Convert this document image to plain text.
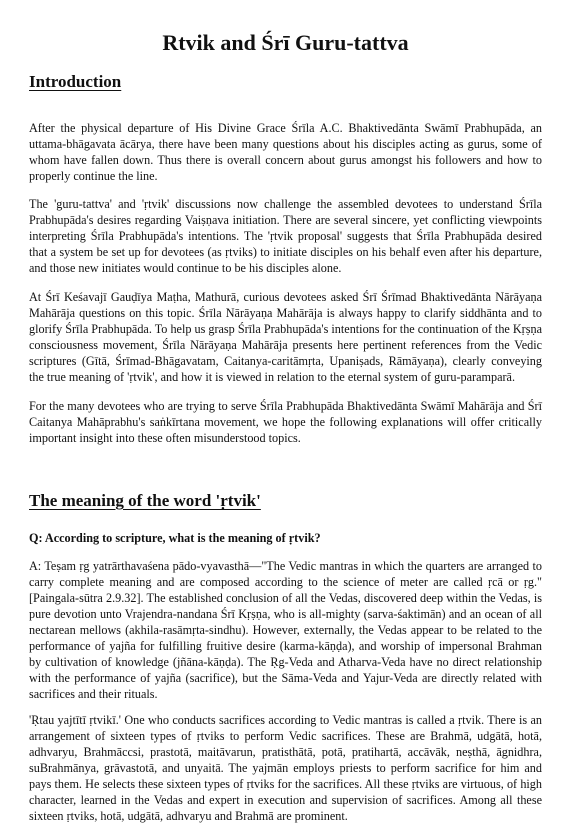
Rtvik and Śrī Guru-tattva
Introduction

After the physical departure of His Divine Grace Śrīla A.C. Bhaktivedānta Swāmī Prabhupāda, an uttama-bhāgavata ācārya, there have been many questions about his disciples acting as gurus, some of whom have fallen down. Thus there is overall concern about gurus amongst his followers and how to properly continue the line.

The 'guru-tattva' and 'ṛtvik' discussions now challenge the assembled devotees to understand Śrīla Prabhupāda's desires regarding Vaiṣṇava initiation. There are several sincere, yet conflicting viewpoints interpreting Śrīla Prabhupāda's intentions. The 'ṛtvik proposal' suggests that Śrīla Prabhupāda desired that a system be set up for devotees (as ṛtviks) to initiate disciples on his behalf even after his departure, and those new initiates would continue to be his disciples alone.

At Śrī Keśavajī Gauḍīya Maṭha, Mathurā, curious devotees asked Śrī Śrīmad Bhaktivedānta Nārāyaṇa Mahārāja questions on this topic. Śrīla Nārāyaṇa Mahārāja is always happy to clarify siddhānta and to glorify Śrīla Prabhupāda. To help us grasp Śrīla Prabhupāda's intentions for the continuation of the Kṛṣṇa consciousness movement, Śrīla Nārāyaṇa Mahārāja presents here pertinent references from the Vedic scriptures (Gītā, Śrīmad-Bhāgavatam, Caitanya-caritāmṛta, Upaniṣads, Rāmāyaṇa), clearly conveying the true meaning of 'ṛtvik', and how it is viewed in relation to the eternal system of guru-paramparā.

For the many devotees who are trying to serve Śrīla Prabhupāda Bhaktivedānta Swāmī Mahārāja and Śrī Caitanya Mahāprabhu's saṅkīrtana movement, we hope the following explanations will offer critically important insight into these often misunderstood topics.

The meaning of the word 'ṛtvik'

Q: According to scripture, what is the meaning of ṛtvik?

A: Teṣam ṛg yatrārthavaśena pādo-vyavasthā—"The Vedic mantras in which the quarters are arranged to carry complete meaning and are composed according to the science of meter are called ṛcā or ṛg." [Paingala-sūtra 2.9.32]. The established conclusion of all the Vedas, discovered deep within the Vedas, is pure devotion unto Vrajendra-nandana Śrī Kṛṣṇa, who is all-mighty (sarva-śaktimān) and an ocean of all nectarean mellows (akhila-rasāmṛta-sindhu). However, externally, the Vedas appear to be related to the performance of yajña for fulfilling fruitive desire (karma-kāṇḍa), and worship of impersonal Brahman by cultivation of knowledge (jñāna-kāṇḍa). The Ṛg-Veda and Atharva-Veda have no direct relationship with the performance of yajña (sacrifice), but the Sāma-Veda and Yajur-Veda are directly related with sacrifices and their rituals.

'Ṛtau yajtītī ṛtvikī.' One who conducts sacrifices according to Vedic mantras is called a ṛtvik. There is an arrangement of sixteen types of ṛtviks to perform Vedic sacrifices. These are Brahmā, udgātā, hotā, adhvaryu, Brahmāccsi, prastotā, maitāvarun, pratisthātā, potā, pratihartā, accāvāk, neṣthā, āgnidhra, suBrahmānya, grāvastotā, and unyaitā. The yajmān employs priests to perform sacrifice for him and pays them. He selects these sixteen types of ṛtviks for the sacrifices. All these ṛtviks are virtuous, of high character, learned in the Vedas and expert in execution and supervision of sacrifices. Among all these sixteen ṛtviks, hotā, udgātā, adhvaryu and Brahmā are prominent.
